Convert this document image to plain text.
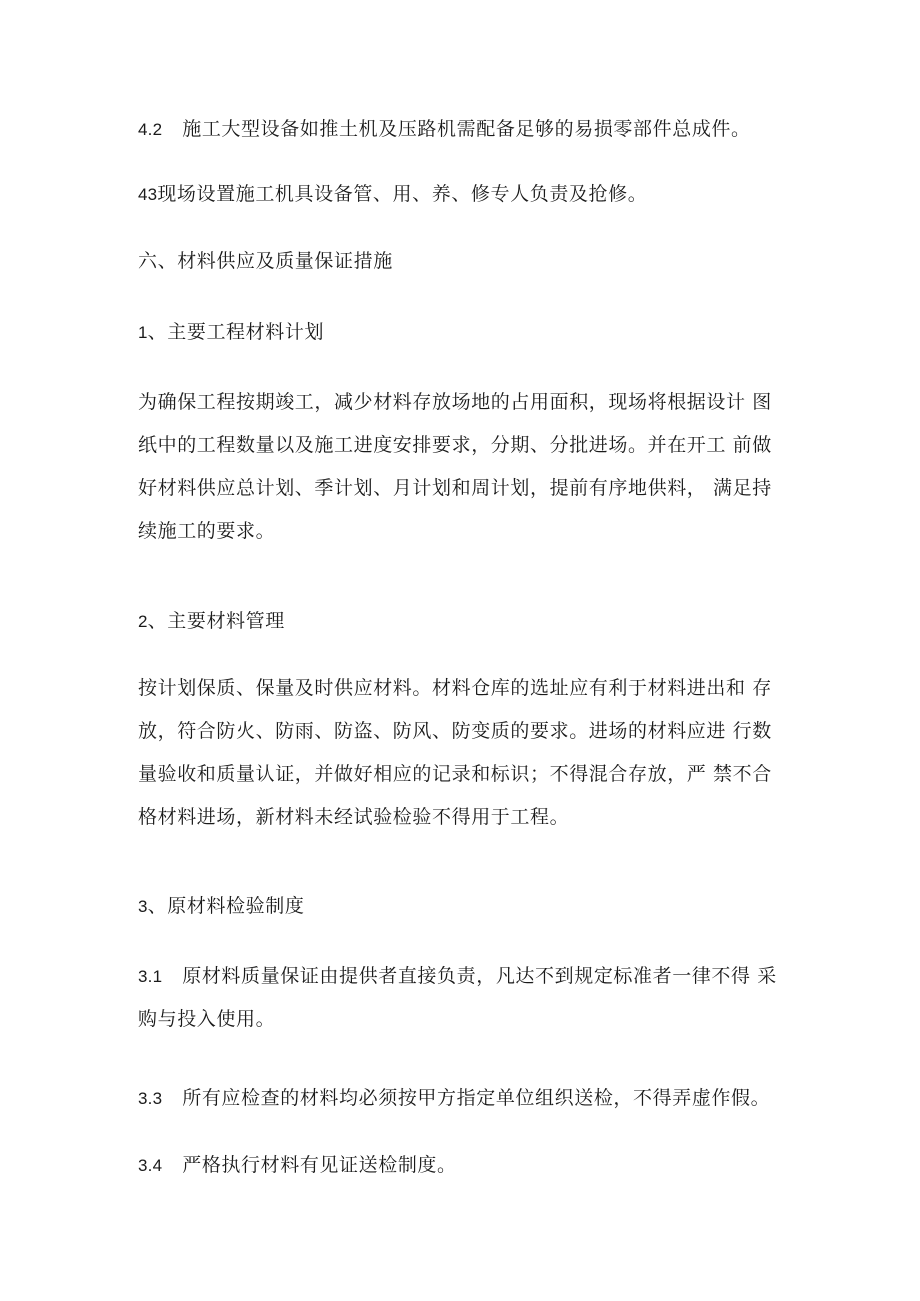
4.2 施工大型设备如推土机及压路机需配备足够的易损零部件总成件。

43现场设置施工机具设备管、用、养、修专人负责及抢修。

六、材料供应及质量保证措施

1、主要工程材料计划

为确保工程按期竣工，减少材料存放场地的占用面积，现场将根据设计 图
纸中的工程数量以及施工进度安排要求，分期、分批进场。并在开工 前做
好材料供应总计划、季计划、月计划和周计划，提前有序地供料， 满足持
续施工的要求。

2、主要材料管理

按计划保质、保量及时供应材料。材料仓库的选址应有利于材料进出和 存
放，符合防火、防雨、防盗、防风、防变质的要求。进场的材料应进 行数
量验收和质量认证，并做好相应的记录和标识；不得混合存放，严 禁不合
格材料进场，新材料未经试验检验不得用于工程。

3、原材料检验制度

3.1 原材料质量保证由提供者直接负责，凡达不到规定标准者一律不得 采
购与投入使用。

3.3 所有应检查的材料均必须按甲方指定单位组织送检，不得弄虚作假。

3.4 严格执行材料有见证送检制度。
